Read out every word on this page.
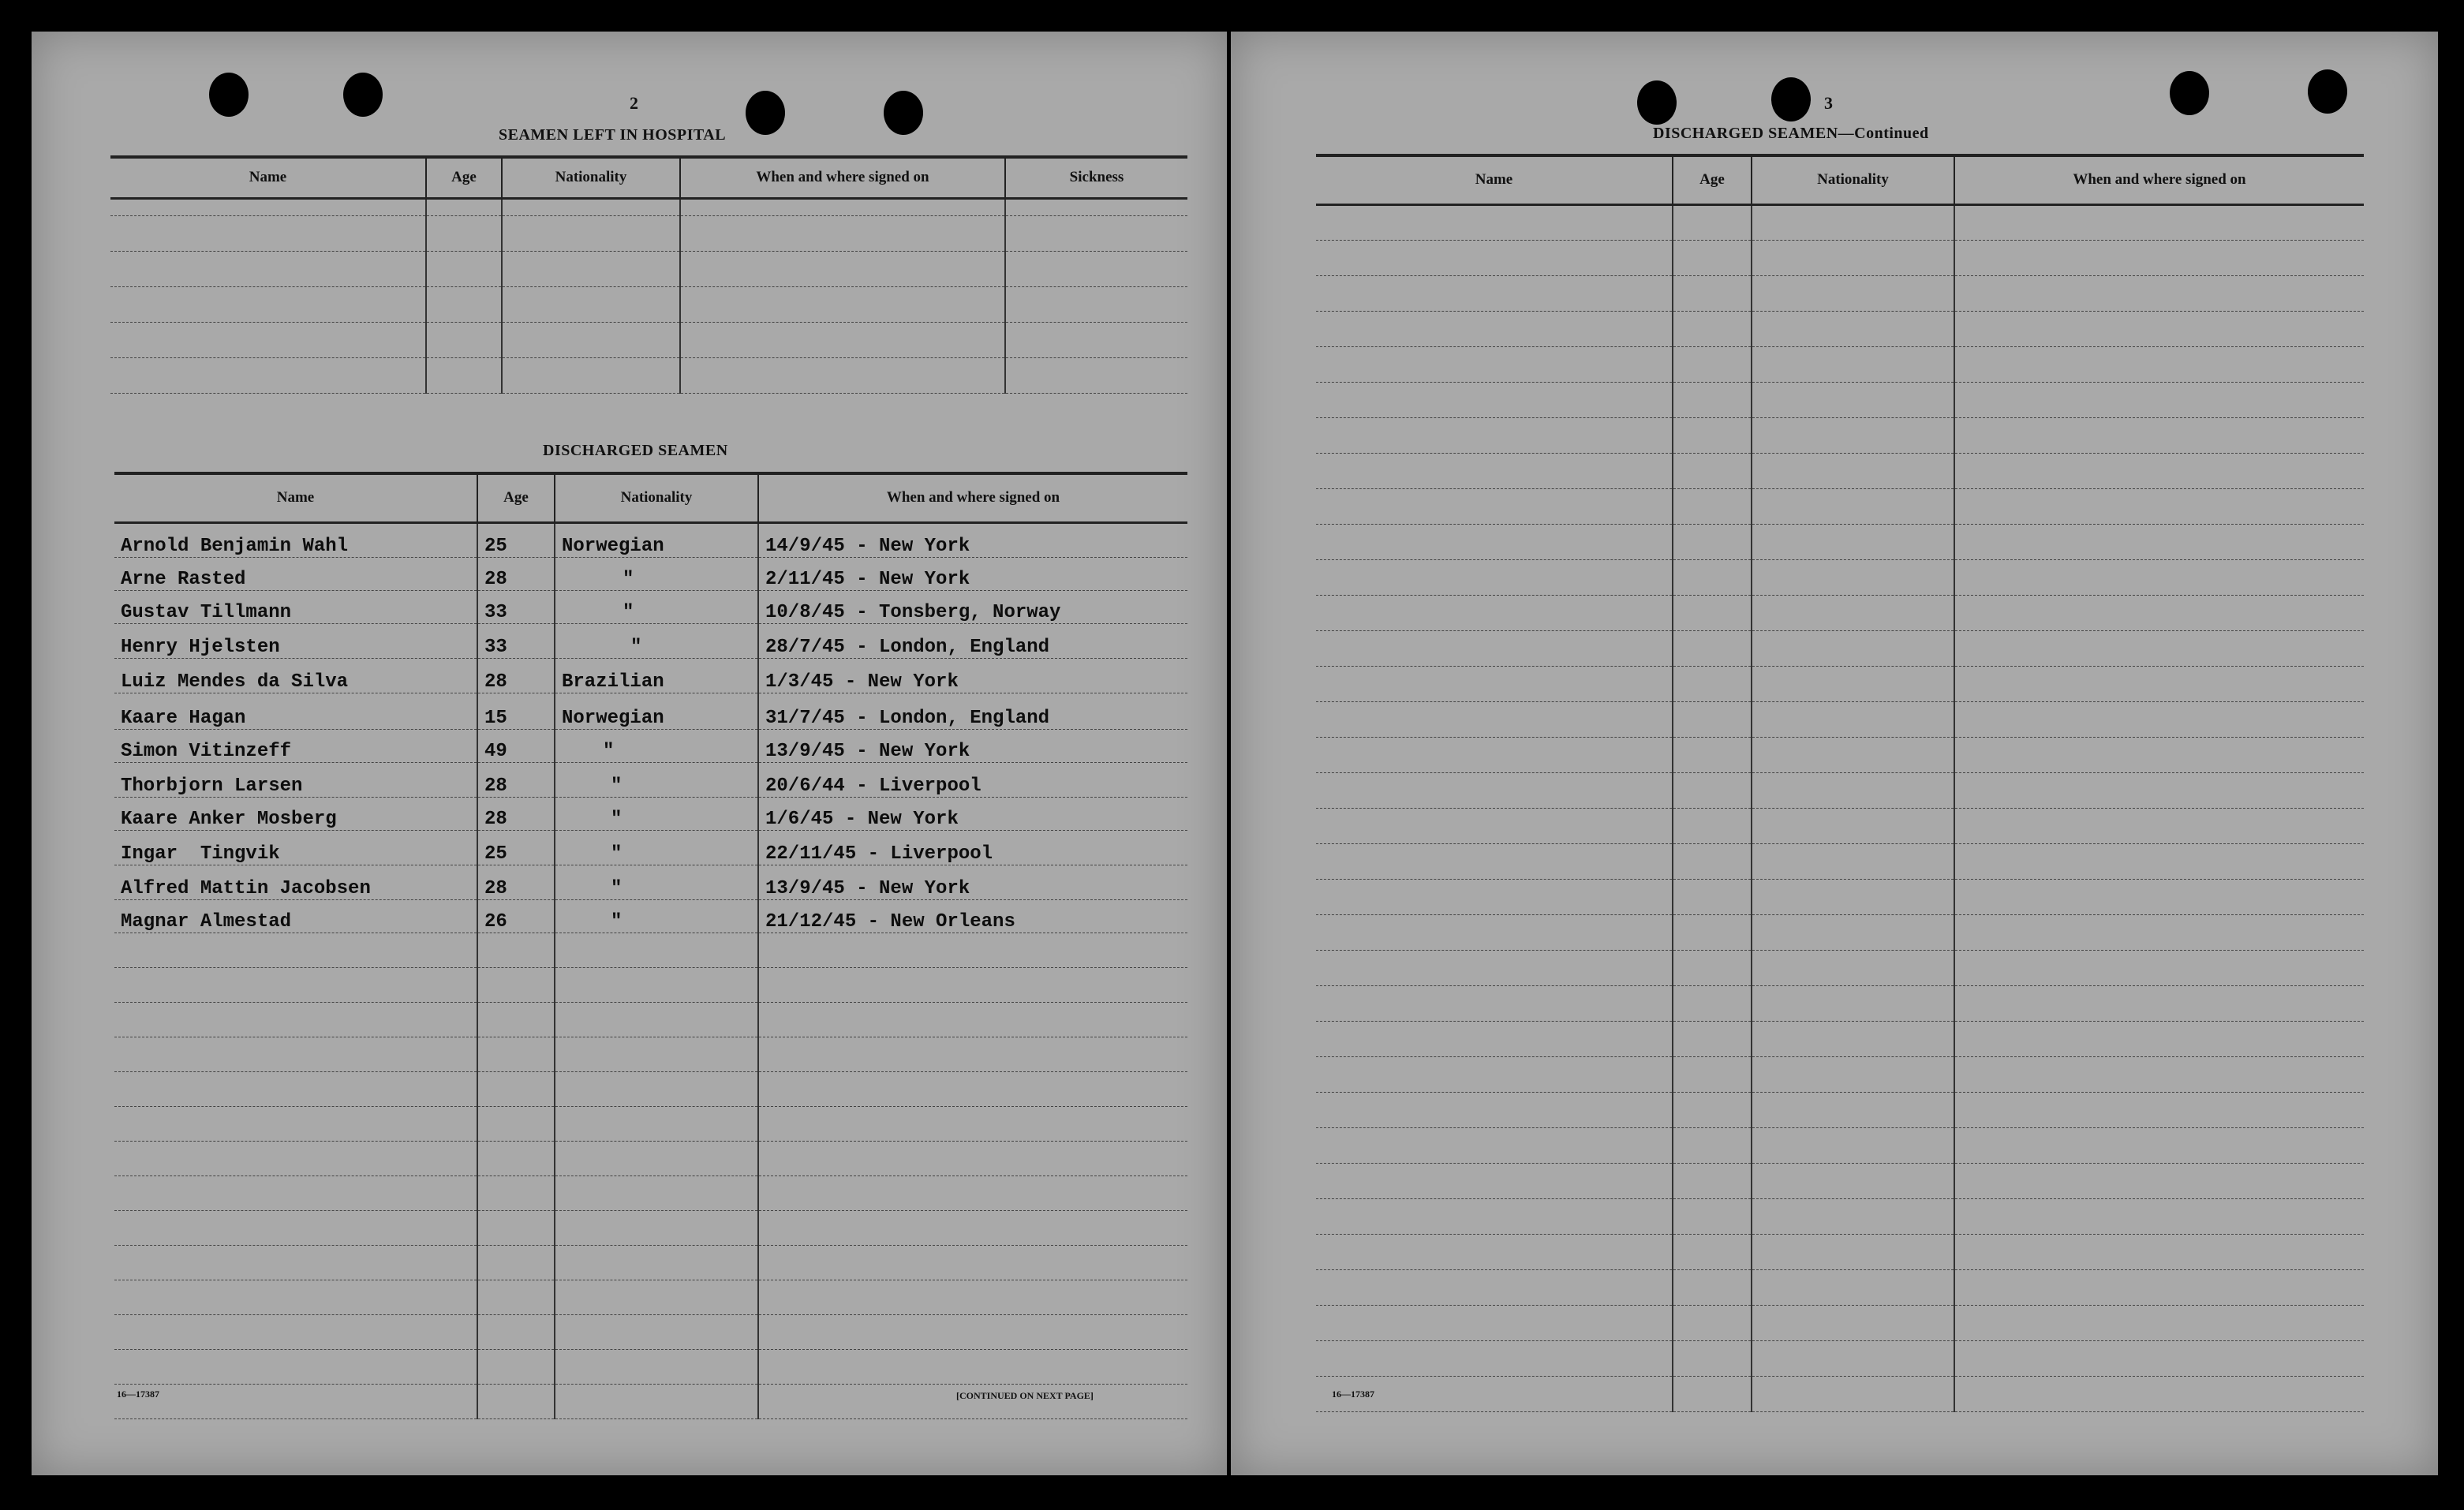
2
SEAMEN LEFT IN HOSPITAL
Name	Age	Nationality	When and where signed on	Sickness

DISCHARGED SEAMEN
Name	Age	Nationality	When and where signed on
Arnold Benjamin Wahl	25	Norwegian	14/9/45 - New York
Arne Rasted	28	"	2/11/45 - New York
Gustav Tillmann	33	"	10/8/45 - Tonsberg, Norway
Henry Hjelsten	33	"	28/7/45 - London, England
Luiz Mendes da Silva	28	Brazilian	1/3/45 - New York
Kaare Hagan	15	Norwegian	31/7/45 - London, England
Simon Vitinzeff	49	"	13/9/45 - New York
Thorbjorn Larsen	28	"	20/6/44 - Liverpool
Kaare Anker Mosberg	28	"	1/6/45 - New York
Ingar  Tingvik	25	"	22/11/45 - Liverpool
Alfred Mattin Jacobsen	28	"	13/9/45 - New York
Magnar Almestad	26	"	21/12/45 - New Orleans

16—17387	[CONTINUED ON NEXT PAGE]
3
DISCHARGED SEAMEN—Continued
Name	Age	Nationality	When and where signed on

16—17387
